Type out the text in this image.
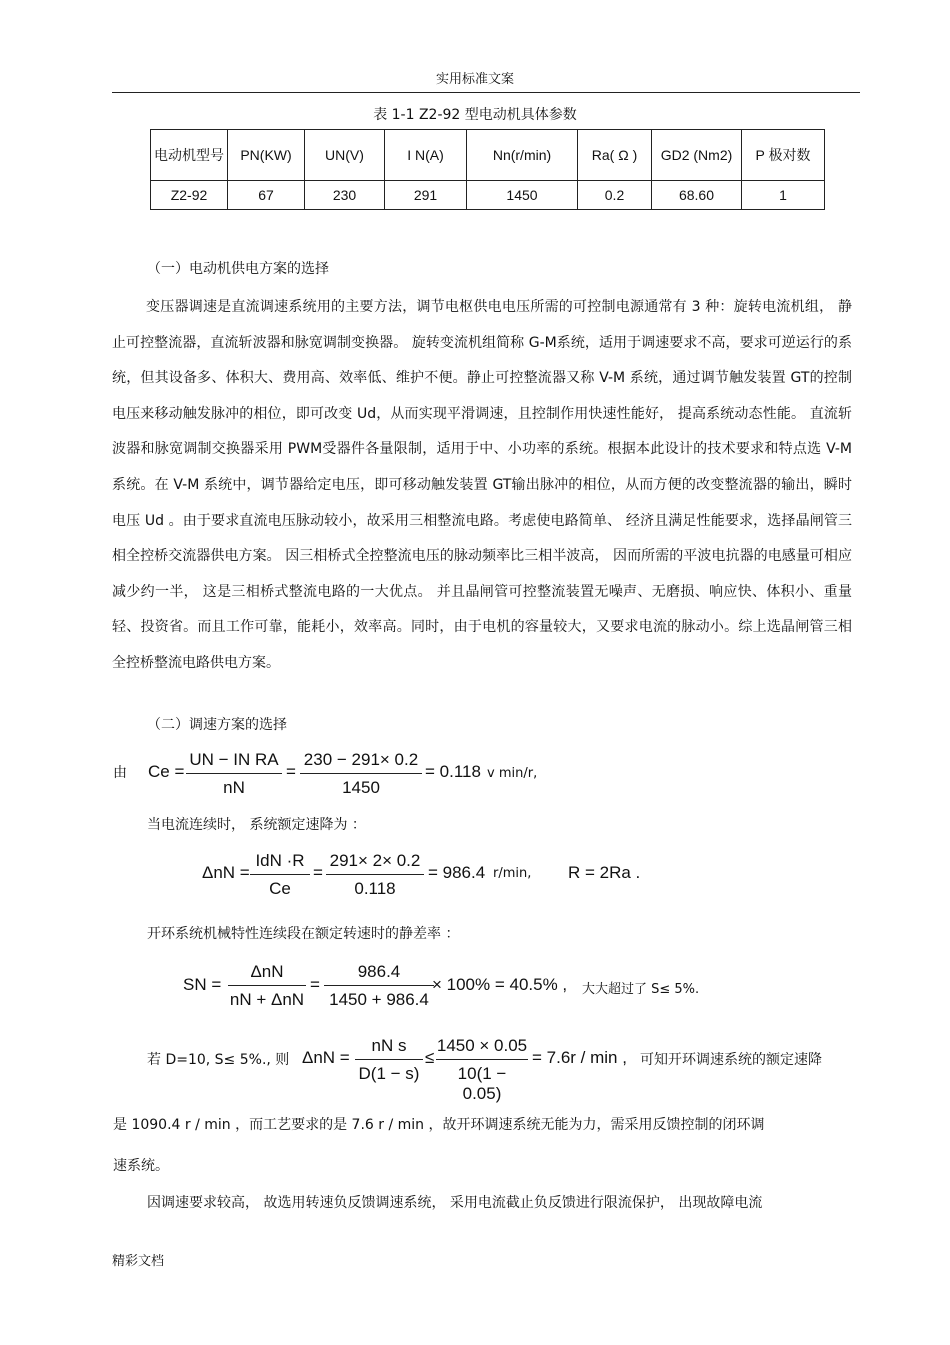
实用标准文案
表 1-1 Z2-92 型电动机具体参数
电动机型号	PN(KW)	UN(V)	I N(A)	Nn(r/min)	Ra( Ω )	GD2 (Nm2)	P 极对数
Z2-92	67	230	291	1450	0.2	68.60	1
（一）电动机供电方案的选择
变压器调速是直流调速系统用的主要方法，调节电枢供电电压所需的可控制电源通常有 3 种：旋转电流机组， 静止可控整流器，直流斩波器和脉宽调制变换器。 旋转变流机组简称 G-M系统，适用于调速要求不高，要求可逆运行的系统，但其设备多、体积大、费用高、效率低、维护不便。静止可控整流器又称 V-M 系统，通过调节触发装置 GT的控制电压来移动触发脉冲的相位，即可改变 Ud，从而实现平滑调速，且控制作用快速性能好， 提高系统动态性能。 直流斩波器和脉宽调制交换器采用 PWM受器件各量限制，适用于中、小功率的系统。根据本此设计的技术要求和特点选 V-M 系统。在 V-M 系统中，调节器给定电压，即可移动触发装置 GT输出脉冲的相位，从而方便的改变整流器的输出，瞬时电压 Ud 。由于要求直流电压脉动较小，故采用三相整流电路。考虑使电路简单、 经济且满足性能要求，选择晶闸管三相全控桥交流器供电方案。 因三相桥式全控整流电压的脉动频率比三相半波高， 因而所需的平波电抗器的电感量可相应减少约一半， 这是三相桥式整流电路的一大优点。 并且晶闸管可控整流装置无噪声、无磨损、响应快、体积小、重量轻、投资省。而且工作可靠，能耗小，效率高。同时，由于电机的容量较大，又要求电流的脉动小。综上选晶闸管三相全控桥整流电路供电方案。
（二）调速方案的选择
由 Ce =
UN − IN RA
nN
=
230 − 291× 0.2
1450
= 0.118 v min/r,
当电流连续时， 系统额定速降为 ：
ΔnN =
IdN ·R
Ce
=
291× 2× 0.2
0.118
= 986.4 r/min, R = 2Ra .
开环系统机械特性连续段在额定转速时的静差率 ：
SN =
ΔnN
nN + ΔnN
=
986.4
1450 + 986.4
× 100% = 40.5% , 大大超过了 S≤ 5%.
若 D=10, S≤ 5%., 则 ΔnN =
nN s
D(1 − s)
≤
1450 × 0.05
10(1 − 0.05)
= 7.6r / min , 可知开环调速系统的额定速降
是 1090.4 r / min ，而工艺要求的是 7.6 r / min ，故开环调速系统无能为力，需采用反馈控制的闭环调
速系统。
因调速要求较高， 故选用转速负反馈调速系统， 采用电流截止负反馈进行限流保护， 出现故障电流
精彩文档
